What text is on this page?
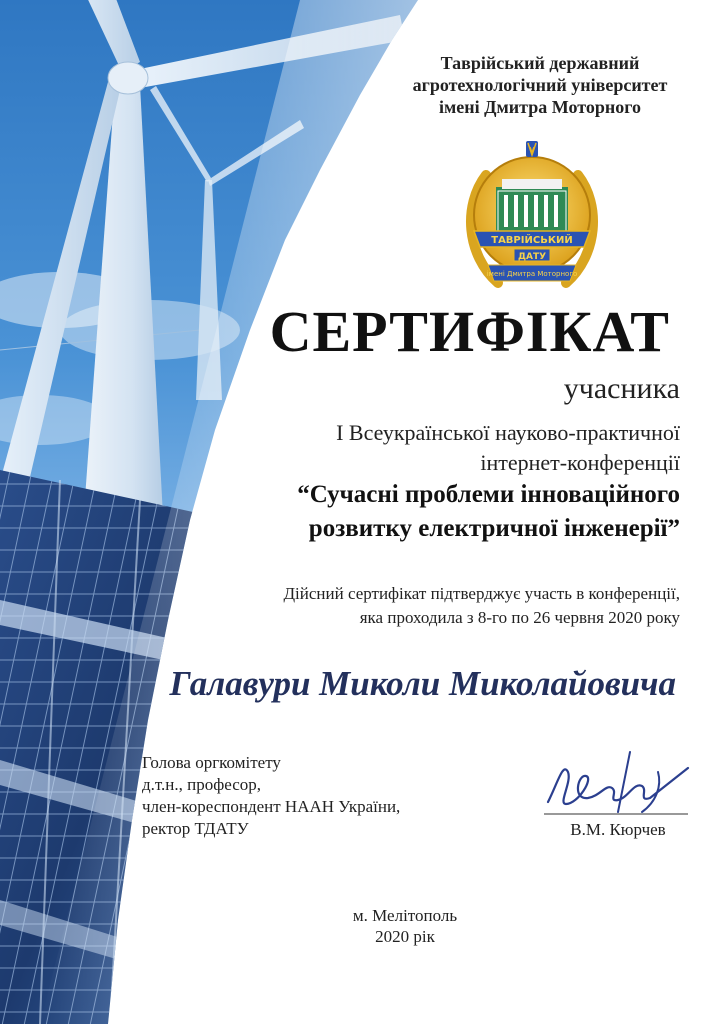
Таврійський державний
агротехнологічний університет
імені Дмитра Моторного
ТАВРІЙСЬКИЙ
ДАТУ
імені Дмитра Моторного
СЕРТИФІКАТ
учасника
І Всеукраїнської науково-практичної
інтернет-конференції
“Сучасні проблеми інноваційного
розвитку електричної інженерії”
Дійсний сертифікат підтверджує участь в конференції,
яка проходила з 8-го по 26 червня 2020 року
Галавури Миколи Миколайовича
Голова оргкомітету
д.т.н., професор,
член-кореспондент НААН України,
ректор ТДАТУ	В.М. Кюрчев
м. Мелітополь
2020 рік
